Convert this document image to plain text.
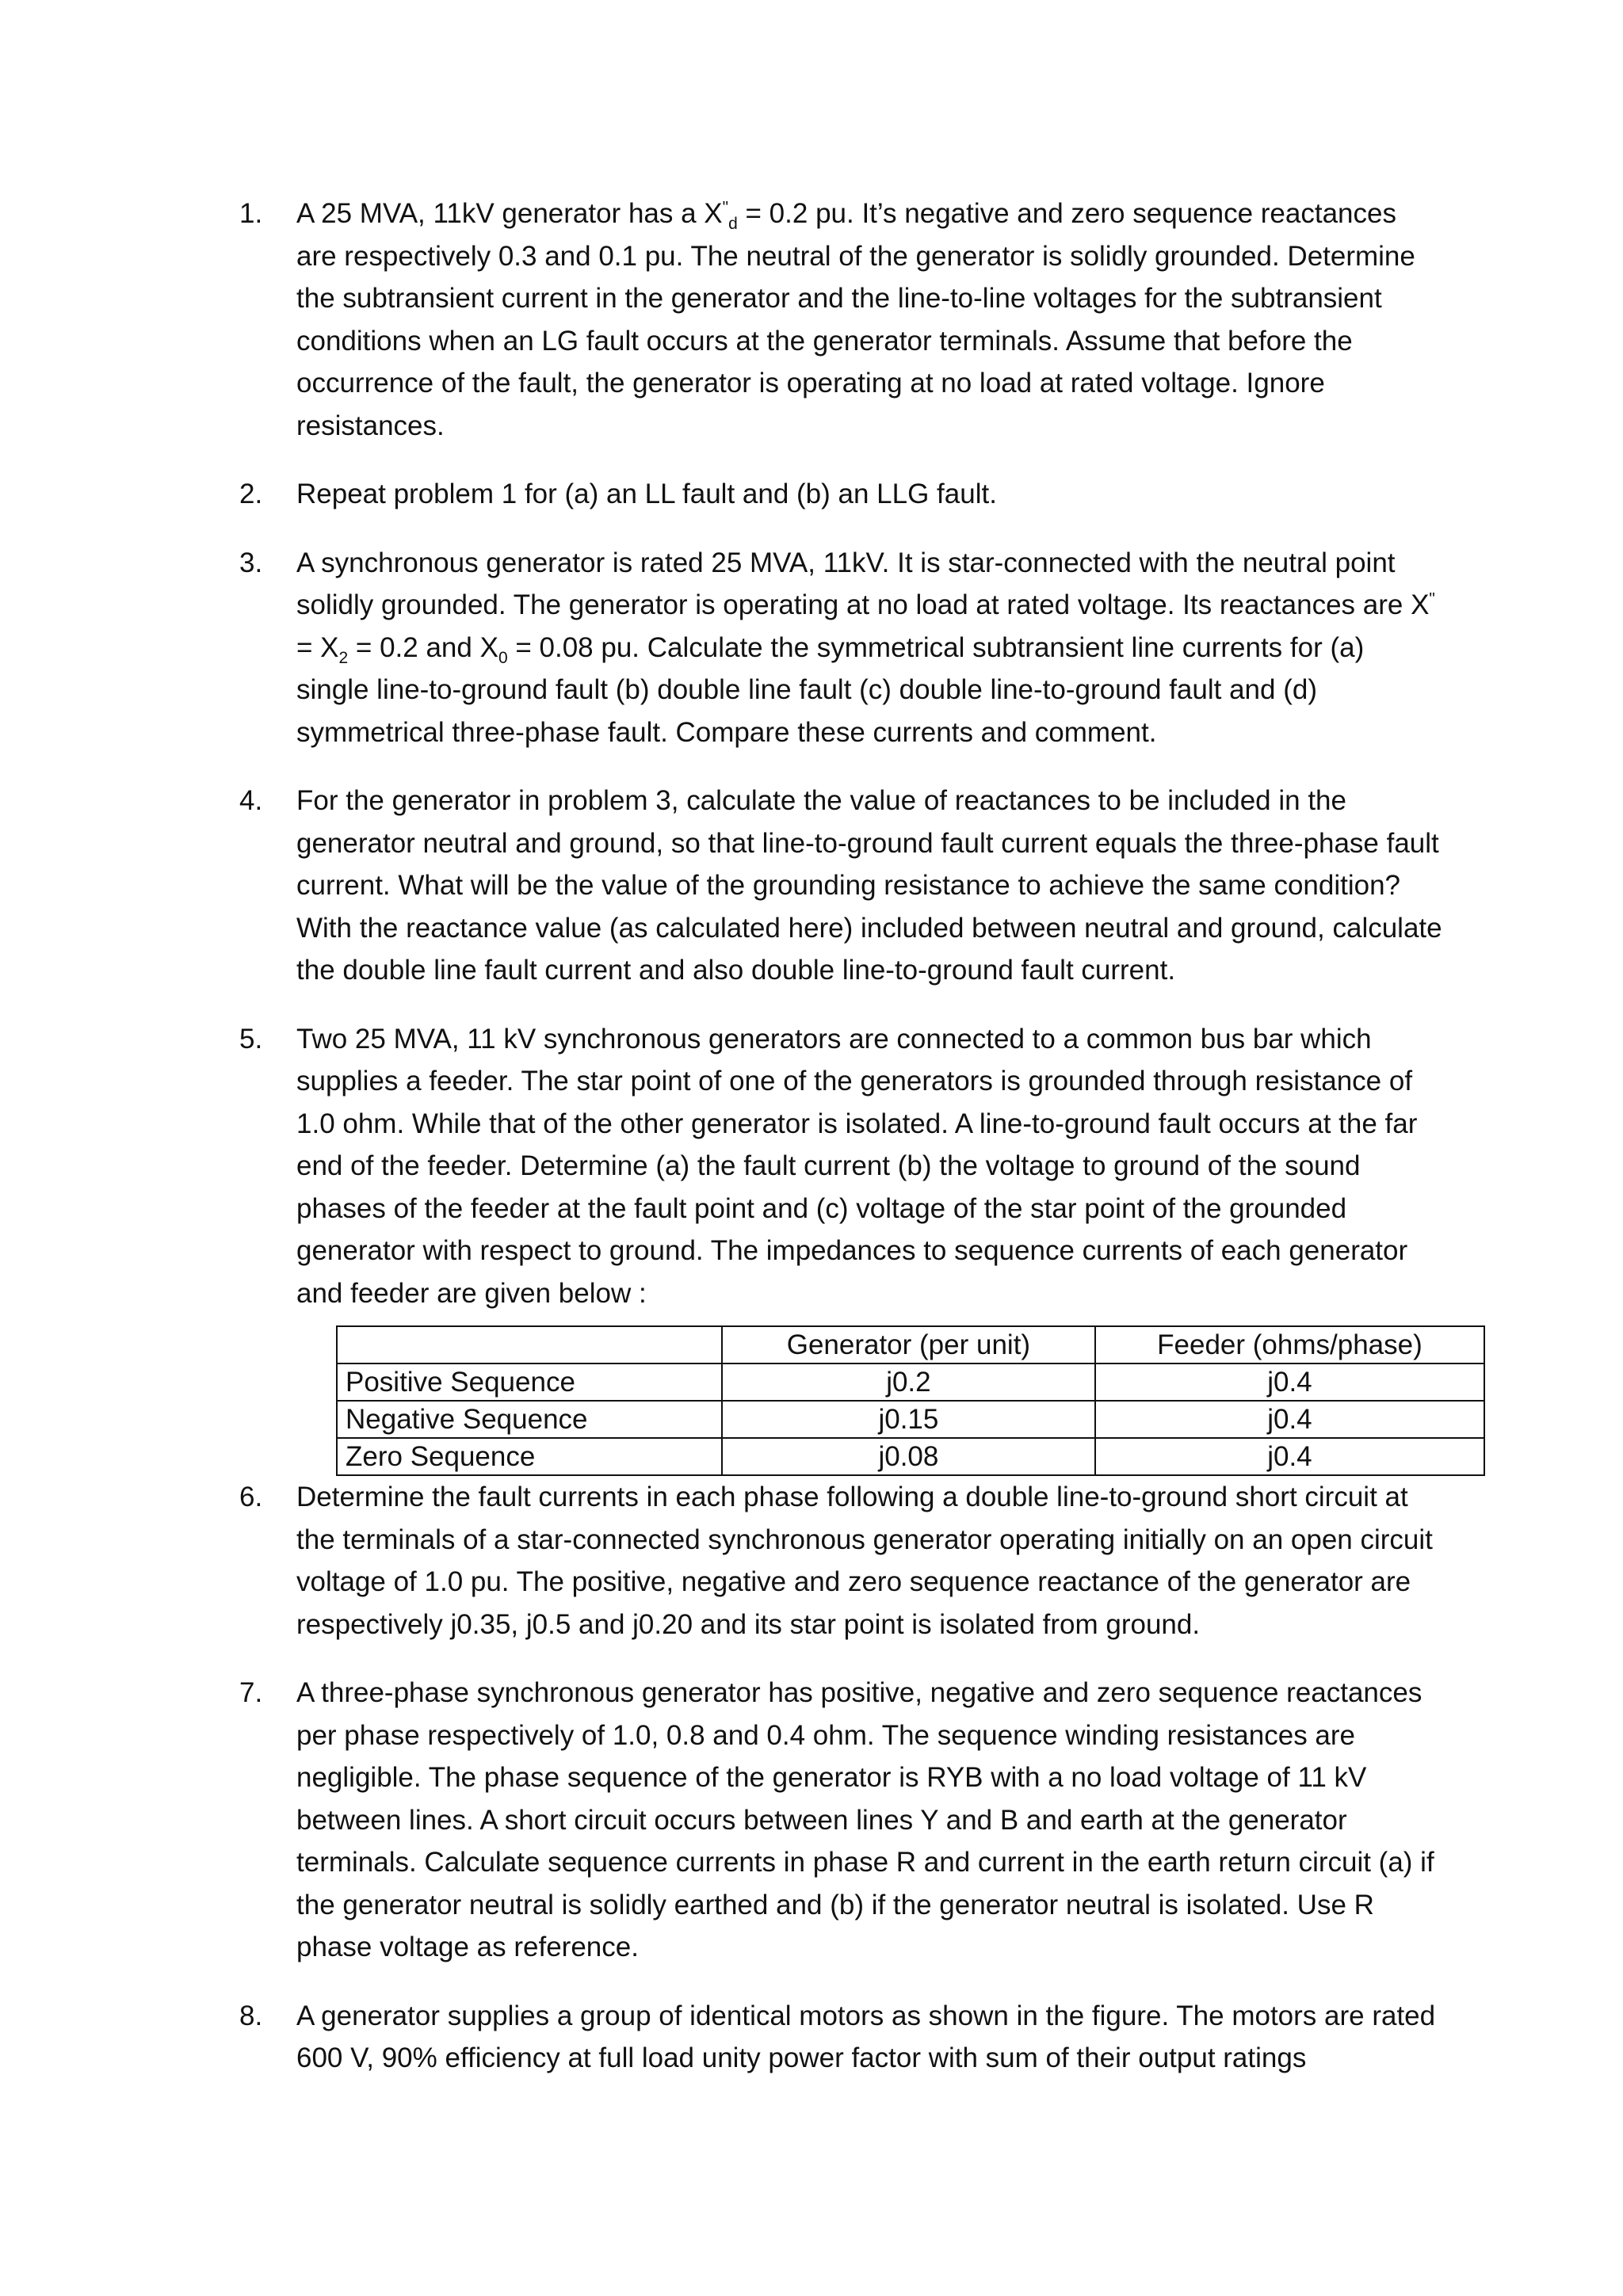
1.	A 25 MVA, 11kV generator has a $X^"_d = 0.2$ pu. It’s negative and zero sequence reactances are respectively 0.3 and 0.1 pu. The neutral of the generator is solidly grounded. Determine the subtransient current in the generator and the line-to-line voltages for the subtransient conditions when an LG fault occurs at the generator terminals. Assume that before the occurrence of the fault, the generator is operating at no load at rated voltage. Ignore resistances.
2.	Repeat problem 1 for (a) an LL fault and (b) an LLG fault.
3.	A synchronous generator is rated 25 MVA, 11kV. It is star-connected with the neutral point solidly grounded. The generator is operating at no load at rated voltage. Its reactances are $X^" = X_2 = 0.2$ and $X_0 = 0.08$ pu. Calculate the symmetrical subtransient line currents for (a) single line-to-ground fault (b) double line fault (c) double line-to-ground fault and (d) symmetrical three-phase fault. Compare these currents and comment.
4.	For the generator in problem 3, calculate the value of reactances to be included in the generator neutral and ground, so that line-to-ground fault current equals the three-phase fault current. What will be the value of the grounding resistance to achieve the same condition? With the reactance value (as calculated here) included between neutral and ground, calculate the double line fault current and also double line-to-ground fault current.
5.	Two 25 MVA, 11 kV synchronous generators are connected to a common bus bar which supplies a feeder. The star point of one of the generators is grounded through resistance of 1.0 ohm. While that of the other generator is isolated. A line-to-ground fault occurs at the far end of the feeder. Determine (a) the fault current (b) the voltage to ground of the sound phases of the feeder at the fault point and (c) voltage of the star point of the grounded generator with respect to ground. The impedances to sequence currents of each generator and feeder are given below :
	Generator (per unit)	Feeder (ohms/phase)
Positive Sequence	j0.2	j0.4
Negative Sequence	j0.15	j0.4
Zero Sequence	j0.08	j0.4
6.	Determine the fault currents in each phase following a double line-to-ground short circuit at the terminals of a star-connected synchronous generator operating initially on an open circuit voltage of 1.0 pu. The positive, negative and zero sequence reactance of the generator are respectively j0.35, j0.5 and j0.20 and its star point is isolated from ground.
7.	A three-phase synchronous generator has positive, negative and zero sequence reactances per phase respectively of 1.0, 0.8 and 0.4 ohm. The sequence winding resistances are negligible. The phase sequence of the generator is RYB with a no load voltage of 11 kV between lines. A short circuit occurs between lines Y and B and earth at the generator terminals. Calculate sequence currents in phase R and current in the earth return circuit (a) if the generator neutral is solidly earthed and (b) if the generator neutral is isolated. Use R phase voltage as reference.
8.	A generator supplies a group of identical motors as shown in the figure. The motors are rated 600 V, 90% efficiency at full load unity power factor with sum of their output ratings
